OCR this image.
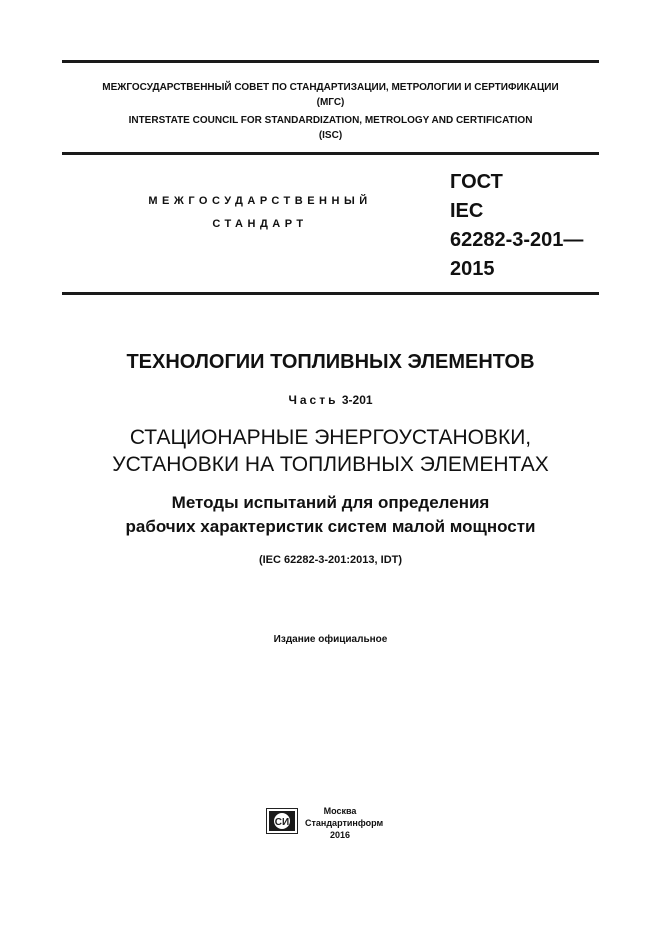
МЕЖГОСУДАРСТВЕННЫЙ СОВЕТ ПО СТАНДАРТИЗАЦИИ, МЕТРОЛОГИИ И СЕРТИФИКАЦИИ
(МГС)
INTERSTATE COUNCIL FOR STANDARDIZATION, METROLOGY AND CERTIFICATION
(ISC)
МЕЖГОСУДАРСТВЕННЫЙ
СТАНДАРТ
ГОСТ
IEC
62282-3-201—
2015
ТЕХНОЛОГИИ ТОПЛИВНЫХ ЭЛЕМЕНТОВ
Часть 3-201
СТАЦИОНАРНЫЕ ЭНЕРГОУСТАНОВКИ,
УСТАНОВКИ НА ТОПЛИВНЫХ ЭЛЕМЕНТАХ
Методы испытаний для определения
рабочих характеристик систем малой мощности
(IEC 62282-3-201:2013, IDT)
Издание официальное
СИ
Москва
Стандартинформ
2016
